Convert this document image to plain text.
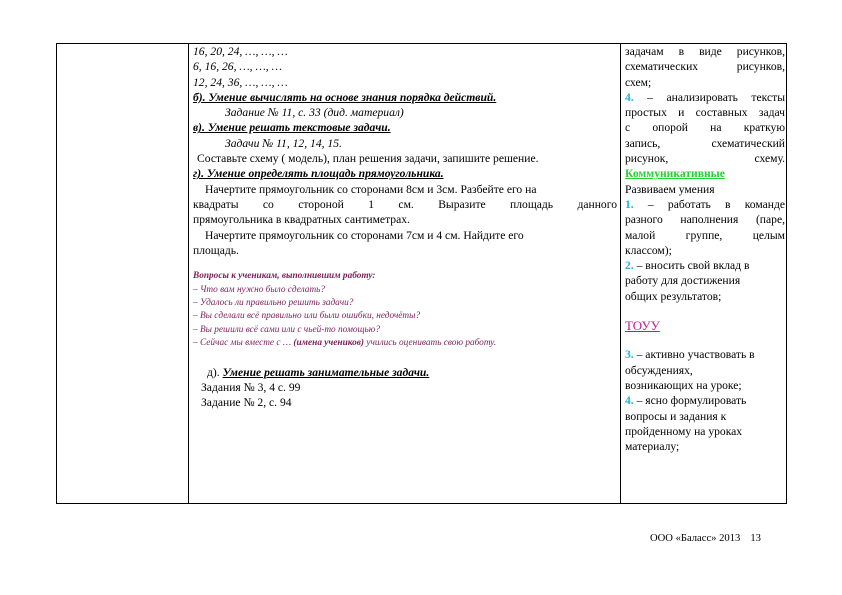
16, 20, 24, …, …, …
6, 16, 26, …, …, …
12, 24, 36, …, …, …
б). Умение вычислять на основе знания порядка действий.
Задание № 11, с. 33 (дид. материал)
в). Умение решать текстовые задачи.
Задачи № 11, 12, 14, 15.
Составьте схему ( модель), план решения задачи, запишите решение.
г). Умение определять площадь прямоугольника.
Начертите прямоугольник со сторонами 8см и 3см. Разбейте его на
квадраты со стороной 1 см. Выразите площадь данного
прямоугольника в квадратных сантиметрах.
Начертите прямоугольник со сторонами 7см и 4 см. Найдите его
площадь.
Вопросы к ученикам, выполнившим работу:
– Что вам нужно было сделать?
– Удалось ли правильно решить задачи?
– Вы сделали всё правильно или были ошибки, недочёты?
– Вы решили всё сами или с чьей-то помощью?
– Сейчас мы вместе с … (имена учеников) учились оценивать свою работу.
д). Умение решать занимательные задачи.
Задания № 3, 4 с. 99
Задание № 2, с. 94
задачам в виде рисунков,
схематических рисунков,
схем;
4. – анализировать тексты
простых и составных задач
с опорой на краткую
запись, схематический
рисунок, схему.
Коммуникативные
Развиваем умения
1. – работать в команде
разного наполнения (паре,
малой группе, целым
классом);
2. – вносить свой вклад в
работу для достижения
общих результатов;
ТОУУ
3. – активно участвовать в
обсуждениях,
возникающих на уроке;
4. – ясно формулировать
вопросы и задания к
пройденному на уроках
материалу;
ООО «Баласс» 2013 13
